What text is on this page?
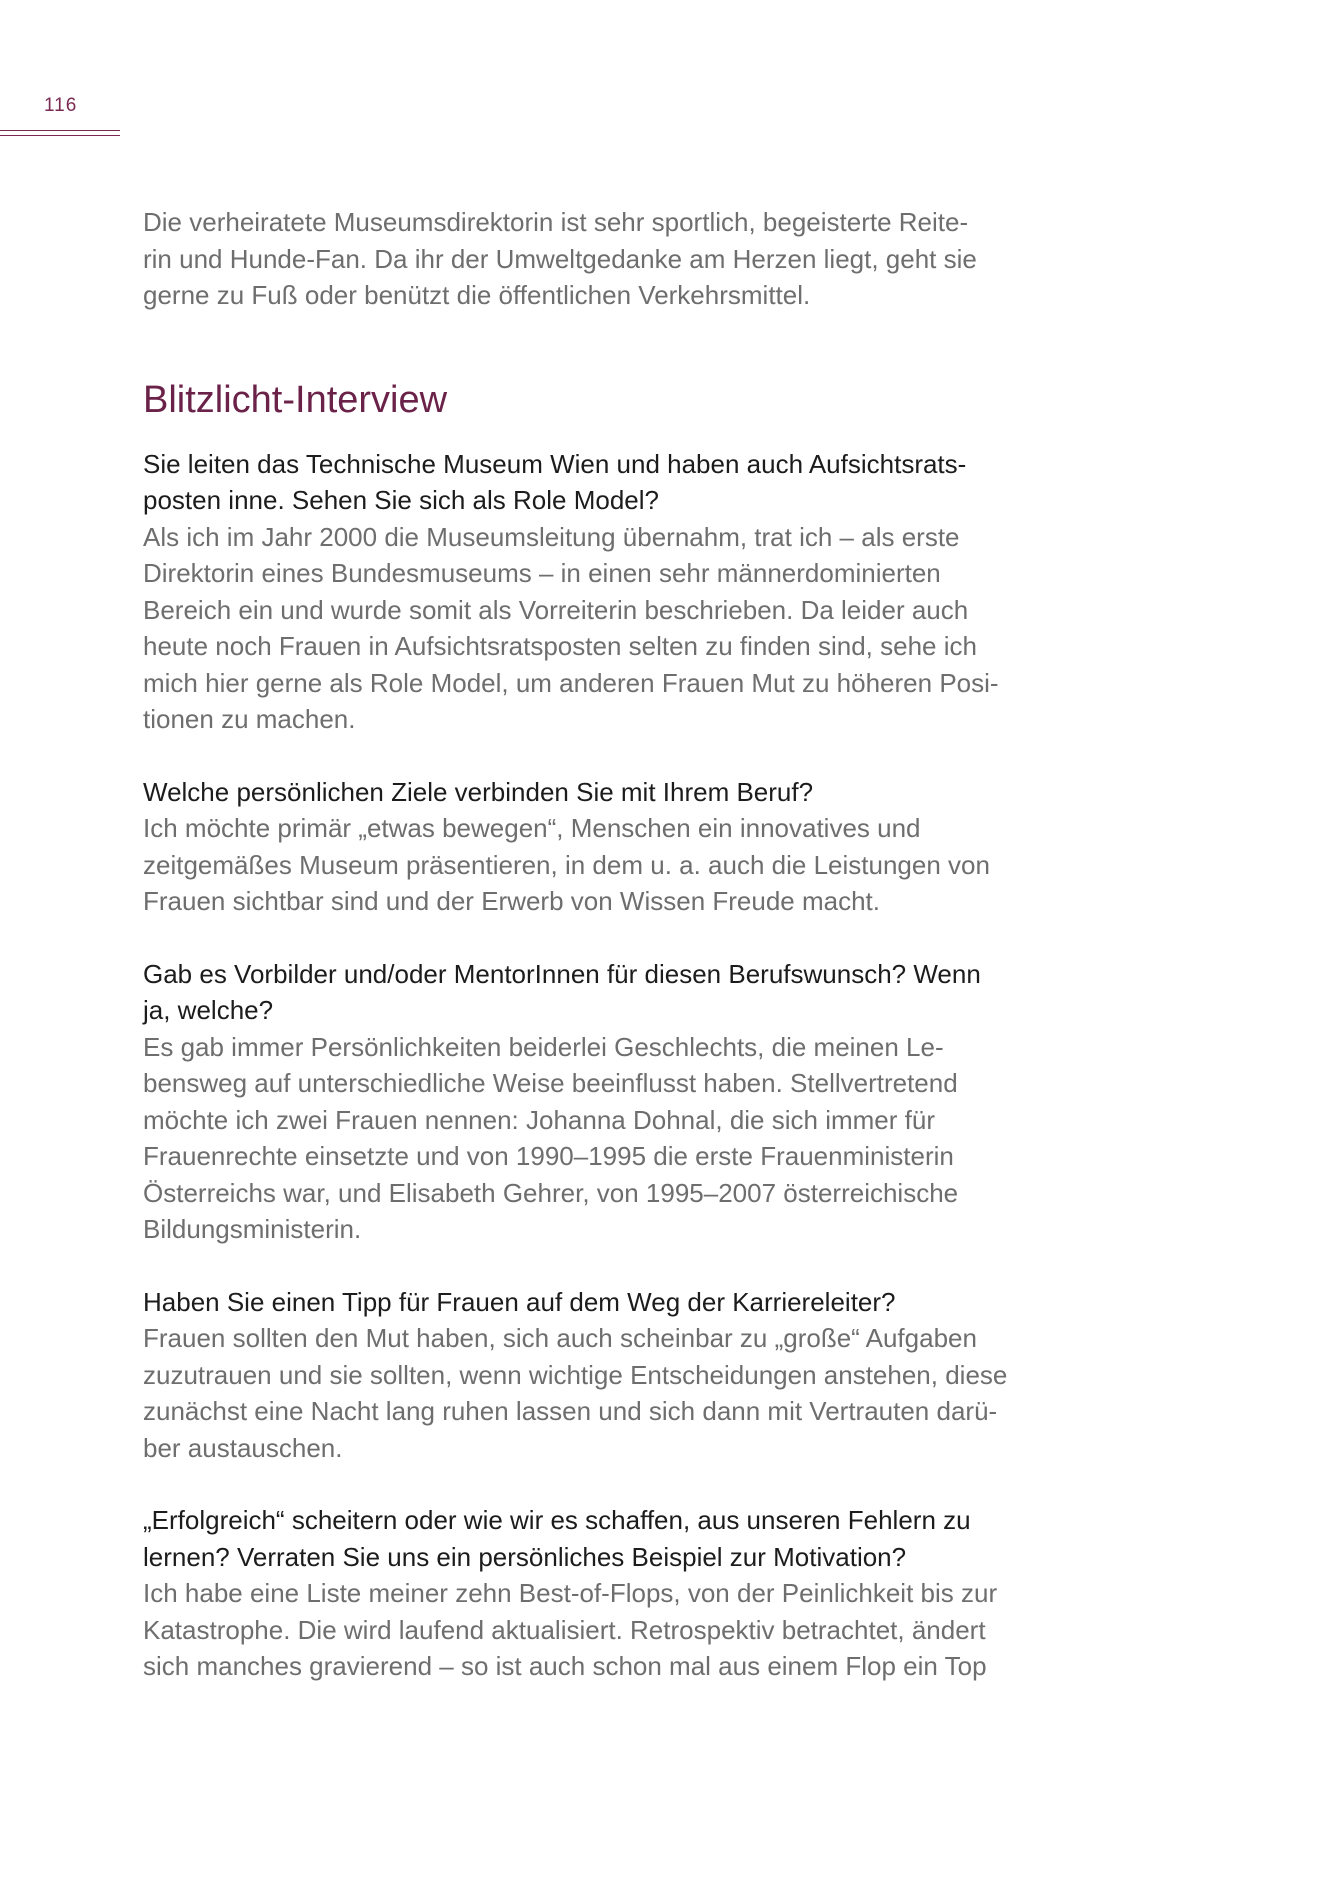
116

Die verheiratete Museumsdirektorin ist sehr sportlich, begeisterte Reite-
rin und Hunde-Fan. Da ihr der Umweltgedanke am Herzen liegt, geht sie
gerne zu Fuß oder benützt die öffentlichen Verkehrsmittel.

Blitzlicht-Interview

Sie leiten das Technische Museum Wien und haben auch Aufsichtsrats-
posten inne. Sehen Sie sich als Role Model?

Als ich im Jahr 2000 die Museumsleitung übernahm, trat ich – als erste
Direktorin eines Bundesmuseums – in einen sehr männerdominierten
Bereich ein und wurde somit als Vorreiterin beschrieben. Da leider auch
heute noch Frauen in Aufsichtsratsposten selten zu finden sind, sehe ich
mich hier gerne als Role Model, um anderen Frauen Mut zu höheren Posi-
tionen zu machen.

Welche persönlichen Ziele verbinden Sie mit Ihrem Beruf?

Ich möchte primär „etwas bewegen“, Menschen ein innovatives und
zeitgemäßes Museum präsentieren, in dem u. a. auch die Leistungen von
Frauen sichtbar sind und der Erwerb von Wissen Freude macht.

Gab es Vorbilder und/oder MentorInnen für diesen Berufswunsch? Wenn
ja, welche?

Es gab immer Persönlichkeiten beiderlei Geschlechts, die meinen Le-
bensweg auf unterschiedliche Weise beeinflusst haben. Stellvertretend
möchte ich zwei Frauen nennen: Johanna Dohnal, die sich immer für
Frauenrechte einsetzte und von 1990–1995 die erste Frauenministerin
Österreichs war, und Elisabeth Gehrer, von 1995–2007 österreichische
Bildungsministerin.

Haben Sie einen Tipp für Frauen auf dem Weg der Karriereleiter?

Frauen sollten den Mut haben, sich auch scheinbar zu „große“ Aufgaben
zuzutrauen und sie sollten, wenn wichtige Entscheidungen anstehen, diese
zunächst eine Nacht lang ruhen lassen und sich dann mit Vertrauten darü-
ber austauschen.

„Erfolgreich“ scheitern oder wie wir es schaffen, aus unseren Fehlern zu
lernen? Verraten Sie uns ein persönliches Beispiel zur Motivation?

Ich habe eine Liste meiner zehn Best-of-Flops, von der Peinlichkeit bis zur
Katastrophe. Die wird laufend aktualisiert. Retrospektiv betrachtet, ändert
sich manches gravierend – so ist auch schon mal aus einem Flop ein Top
